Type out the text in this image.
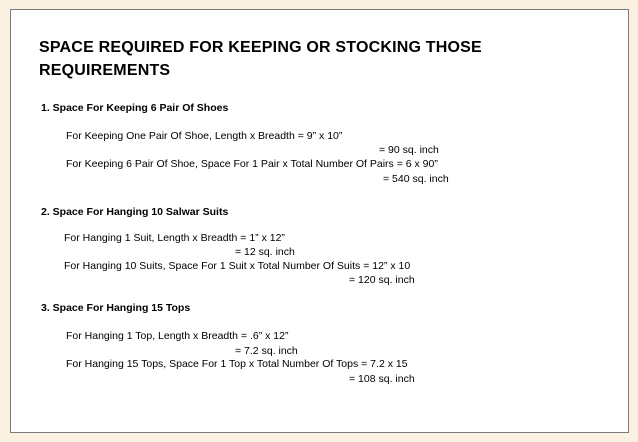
SPACE REQUIRED FOR KEEPING OR STOCKING THOSE
REQUIREMENTS
1. Space For Keeping 6 Pair Of Shoes
For Keeping One Pair Of Shoe, Length x Breadth = 9” x 10”
= 90 sq. inch
For Keeping 6 Pair Of Shoe, Space For 1 Pair x Total Number Of Pairs = 6 x 90”
= 540 sq. inch
2. Space For Hanging 10 Salwar Suits
For Hanging 1 Suit, Length x Breadth = 1” x 12”
= 12 sq. inch
For Hanging 10 Suits, Space For 1 Suit x Total Number Of Suits = 12” x 10
= 120 sq. inch
3. Space For Hanging 15 Tops
For Hanging 1 Top, Length x Breadth = .6” x 12”
= 7.2 sq. inch
For Hanging 15 Tops, Space For 1 Top x Total Number Of Tops = 7.2 x 15
= 108 sq. inch
